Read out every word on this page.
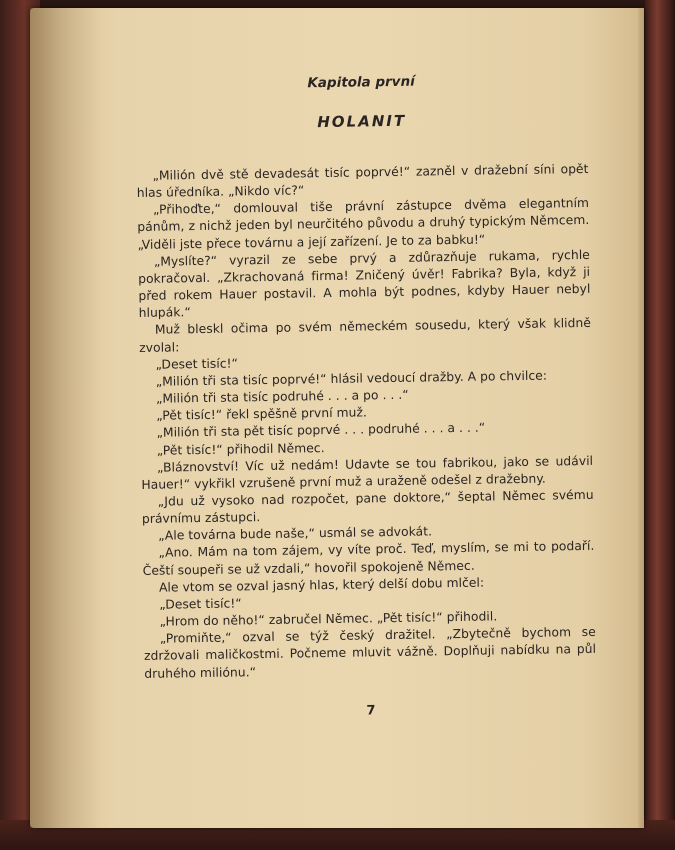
Kapitola první
HOLANIT

„Milión dvě stě devadesát tisíc poprvé!“ zazněl v dražební síni opět hlas úředníka. „Nikdo víc?“

„Přihoďte,“ domlouval tiše právní zástupce dvěma elegantním pánům, z nichž jeden byl neurčitého původu a druhý typickým Němcem. „Viděli jste přece továrnu a její zařízení. Je to za babku!“

„Myslíte?“ vyrazil ze sebe prvý a zdůrazňuje rukama, rychle pokračoval. „Zkrachovaná firma! Zničený úvěr! Fabrika? Byla, když ji před rokem Hauer postavil. A mohla být podnes, kdyby Hauer nebyl hlupák.“

Muž bleskl očima po svém německém sousedu, který však klidně zvolal:

„Deset tisíc!“

„Milión tři sta tisíc poprvé!“ hlásil vedoucí dražby. A po chvilce:

„Milión tři sta tisíc podruhé . . . a po . . .“

„Pět tisíc!“ řekl spěšně první muž.

„Milión tři sta pět tisíc poprvé . . . podruhé . . . a . . .“

„Pět tisíc!“ přihodil Němec.

„Bláznovství! Víc už nedám! Udavte se tou fabrikou, jako se udávil Hauer!“ vykřikl vzrušeně první muž a uraženě odešel z dražebny.

„Jdu už vysoko nad rozpočet, pane doktore,“ šeptal Němec svému právnímu zástupci.

„Ale továrna bude naše,“ usmál se advokát.

„Ano. Mám na tom zájem, vy víte proč. Teď, myslím, se mi to podaří. Čeští soupeři se už vzdali,“ hovořil spokojeně Němec.

Ale vtom se ozval jasný hlas, který delší dobu mlčel:

„Deset tisíc!“

„Hrom do něho!“ zabručel Němec. „Pět tisíc!“ přihodil.

„Promiňte,“ ozval se týž český dražitel. „Zbytečně bychom se zdržovali maličkostmi. Počneme mluvit vážně. Doplňuji nabídku na půl druhého miliónu.“

7
